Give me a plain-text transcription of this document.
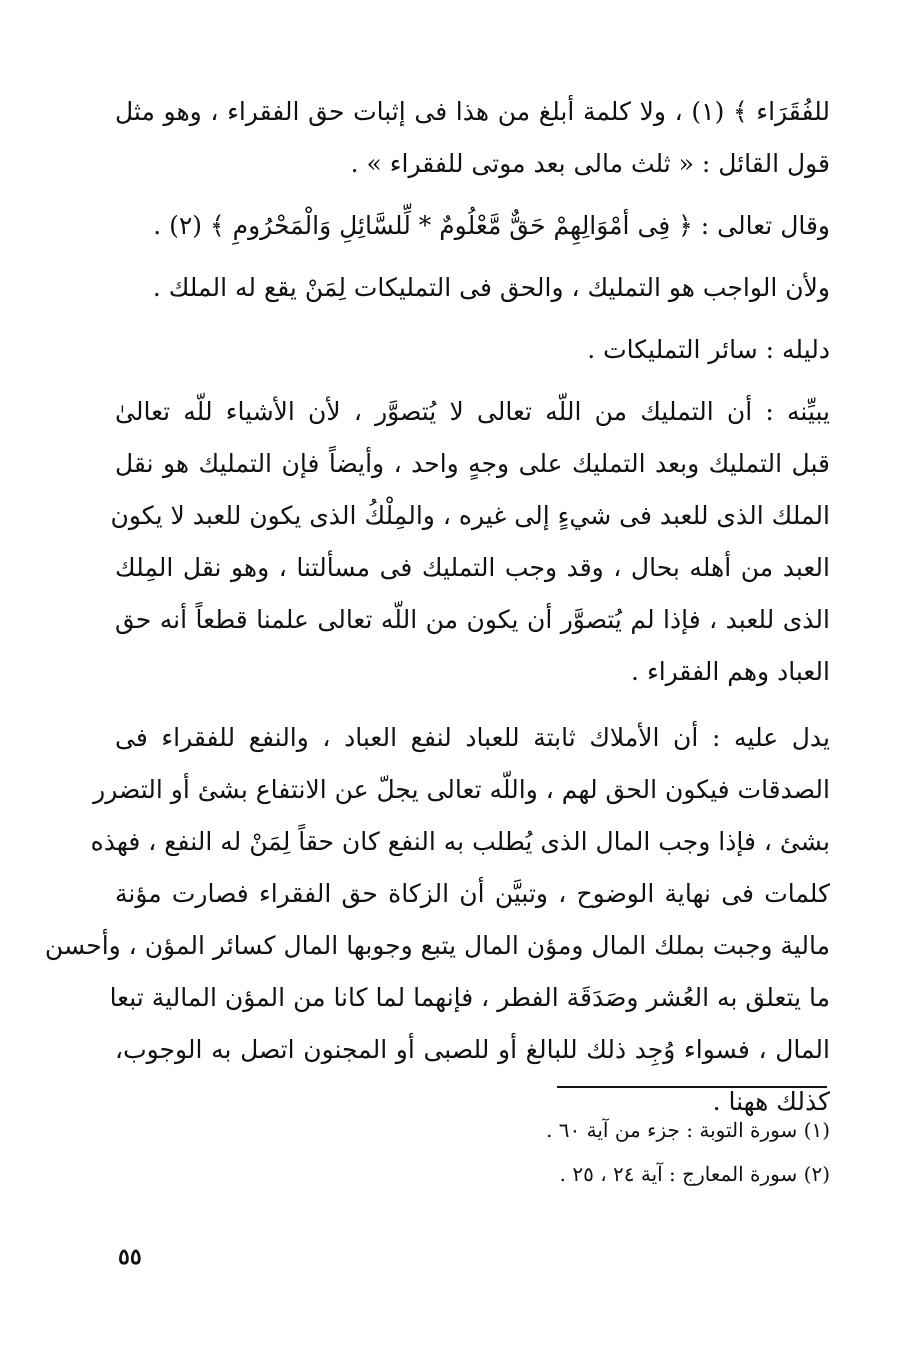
للفُقَرَاء ﴾ (١) ، ولا كلمة أبلغ من هذا فى إثبات حق الفقراء ، وهو مثل
قول القائل : « ثلث مالى بعد موتى للفقراء » .
وقال تعالى : ﴿ فِى أمْوَالِهِمْ حَقٌّ مَّعْلُومٌ * لِّلسَّائِلِ وَالْمَحْرُومِ ﴾ (٢) .
ولأن الواجب هو التمليك ، والحق فى التمليكات لِمَنْ يقع له الملك .
دليله : سائر التمليكات .
يبيِّنه : أن التمليك من اللّه تعالى لا يُتصوَّر ، لأن الأشياء للّه تعالىٰ
قبل التمليك وبعد التمليك على وجهٍ واحد ، وأيضاً فإن التمليك هو نقل
الملك الذى للعبد فى شيءٍ إلى غيره ، والمِلْكُ الذى يكون للعبد لا يكون
العبد من أهله بحال ، وقد وجب التمليك فى مسألتنا ، وهو نقل المِلك
الذى للعبد ، فإذا لم يُتصوَّر أن يكون من اللّه تعالى علمنا قطعاً أنه حق
العباد وهم الفقراء .
يدل عليه : أن الأملاك ثابتة للعباد لنفع العباد ، والنفع للفقراء فى
الصدقات فيكون الحق لهم ، واللّه تعالى يجلّ عن الانتفاع بشئ أو التضرر
بشئ ، فإذا وجب المال الذى يُطلب به النفع كان حقاً لِمَنْ له النفع ، فهذه
كلمات فى نهاية الوضوح ، وتبيَّن أن الزكاة حق الفقراء فصارت مؤنة
مالية وجبت بملك المال ومؤن المال يتبع وجوبها المال كسائر المؤن ، وأحسن
ما يتعلق به العُشر وصَدَقَة الفطر ، فإنهما لما كانا من المؤن المالية تبعا
المال ، فسواء وُجِد ذلك للبالغ أو للصبى أو المجنون اتصل به الوجوب،
كذلك ههنا .
(١) سورة التوبة : جزء من آية ٦٠ .
(٢) سورة المعارج : آية ٢٤ ، ٢٥ .
٥٥
